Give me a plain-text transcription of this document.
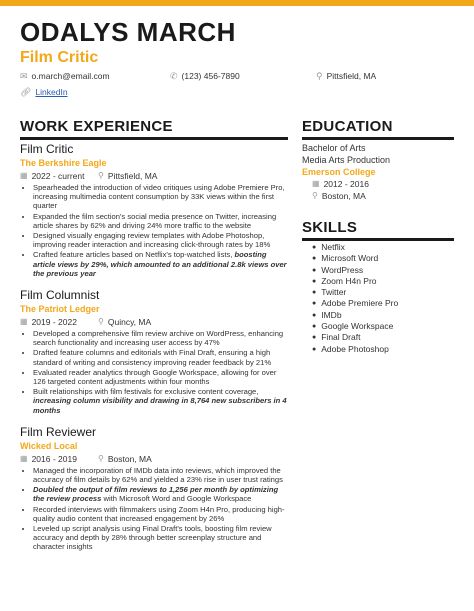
ODALYS MARCH
Film Critic
✉ o.march@email.com	✆ (123) 456-7890	⚲ Pittsfield, MA
🔗︎ LinkedIn
WORK EXPERIENCE	EDUCATION
SKILLS
Film Critic
The Berkshire Eagle
▦ 2022 - current ⚲ Pittsfield, MA
• Spearheaded the introduction of video critiques using Adobe Premiere Pro, increasing multimedia content consumption by 33K views within the first quarter
• Expanded the film section's social media presence on Twitter, increasing article shares by 62% and driving 24% more traffic to the website
• Designed visually engaging review templates with Adobe Photoshop, improving reader interaction and increasing click-through rates by 18%
• Crafted feature articles based on Netflix's top-watched lists, boosting article views by 29%, which amounted to an additional 2.8k views over the previous year
Film Columnist
The Patriot Ledger
▦ 2019 - 2022	⚲ Quincy, MA
• Developed a comprehensive film review archive on WordPress, enhancing search functionality and increasing user access by 47%
• Drafted feature columns and editorials with Final Draft, ensuring a high standard of writing and consistency improving reader feedback by 21%
• Evaluated reader analytics through Google Workspace, allowing for over 126 targeted content adjustments within four months
• Built relationships with film festivals for exclusive content coverage, increasing column visibility and drawing in 8,764 new subscribers in 4 months
Film Reviewer
Wicked Local
▦ 2016 - 2019	⚲ Boston, MA
• Managed the incorporation of IMDb data into reviews, which improved the accuracy of film details by 62% and yielded a 23% rise in user trust ratings
• Doubled the output of film reviews to 1,256 per month by optimizing the review process with Microsoft Word and Google Workspace
• Recorded interviews with filmmakers using Zoom H4n Pro, producing high-quality audio content that increased engagement by 26%
• Leveled up script analysis using Final Draft's tools, boosting film review accuracy and depth by 28% through better screenplay structure and character insights
Bachelor of Arts
Media Arts Production
Emerson College
▦ 2012 - 2016
⚲ Boston, MA
● Netflix
● Microsoft Word
● WordPress
● Zoom H4n Pro
● Twitter
● Adobe Premiere Pro
● IMDb
● Google Workspace
● Final Draft
● Adobe Photoshop
